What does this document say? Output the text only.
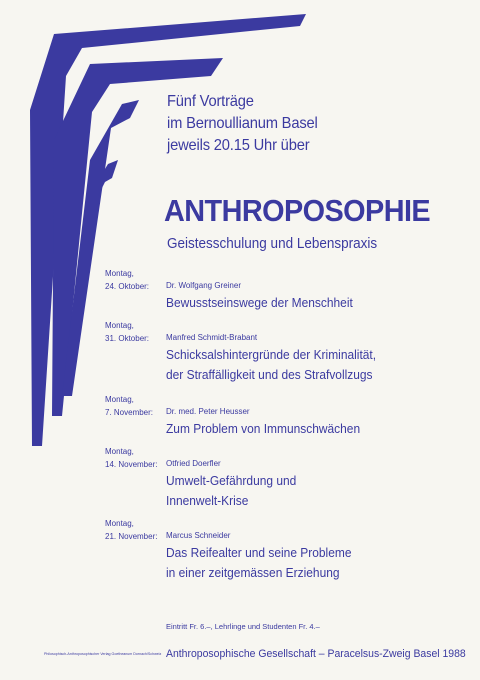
Fünf Vorträge
im Bernoullianum Basel
jeweils 20.15 Uhr über
ANTHROPOSOPHIE
Geistesschulung und Lebenspraxis
Montag,
24. Oktober: Dr. Wolfgang Greiner
Bewusstseinswege der Menschheit
Montag,
31. Oktober: Manfred Schmidt-Brabant
Schicksalshintergründe der Kriminalität,
der Straffälligkeit und des Strafvollzugs
Montag,
7. November: Dr. med. Peter Heusser
Zum Problem von Immunschwächen
Montag,
14. November: Otfried Doerfler
Umwelt-Gefährdung und
Innenwelt-Krise
Montag,
21. November: Marcus Schneider
Das Reifealter und seine Probleme
in einer zeitgemässen Erziehung
Eintritt Fr. 6.–, Lehrlinge und Studenten Fr. 4.–
Philosophisch-Anthroposophischer Verlag Goetheanum Dornach/Schweiz Anthroposophische Gesellschaft – Paracelsus-Zweig Basel 1988
